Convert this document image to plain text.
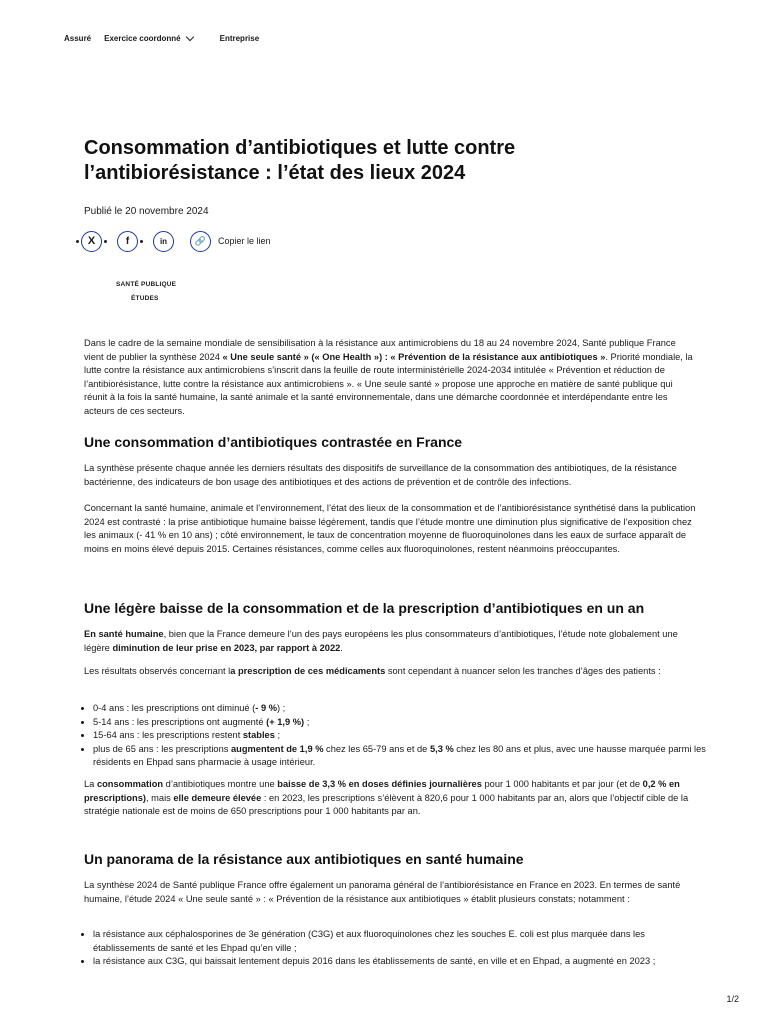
Assuré Exercice coordonné	Entreprise
Consommation d’antibiotiques et lutte contre l’antibiorésistance : l’état des lieux 2024
Publié le 20 novembre 2024
X	f	in	🔗	Copier le lien
SANTÉ PUBLIQUE
ÉTUDES

Dans le cadre de la semaine mondiale de sensibilisation à la résistance aux antimicrobiens du 18 au 24 novembre 2024, Santé publique France vient de publier la synthèse 2024 « Une seule santé » (« One Health ») : « Prévention de la résistance aux antibiotiques ». Priorité mondiale, la lutte contre la résistance aux antimicrobiens s’inscrit dans la feuille de route interministérielle 2024-2034 intitulée « Prévention et réduction de l’antibiorésistance, lutte contre la résistance aux antimicrobiens ». « Une seule santé » propose une approche en matière de santé publique qui réunit à la fois la santé humaine, la santé animale et la santé environnementale, dans une démarche coordonnée et interdépendante entre les acteurs de ces secteurs.

Une consommation d’antibiotiques contrastée en France

La synthèse présente chaque année les derniers résultats des dispositifs de surveillance de la consommation des antibiotiques, de la résistance bactérienne, des indicateurs de bon usage des antibiotiques et des actions de prévention et de contrôle des infections.

Concernant la santé humaine, animale et l’environnement, l’état des lieux de la consommation et de l’antibiorésistance synthétisé dans la publication 2024 est contrasté : la prise antibiotique humaine baisse légèrement, tandis que l’étude montre une diminution plus significative de l’exposition chez les animaux (- 41 % en 10 ans) ; côté environnement, le taux de concentration moyenne de fluoroquinolones dans les eaux de surface apparaît de moins en moins élevé depuis 2015. Certaines résistances, comme celles aux fluoroquinolones, restent néanmoins préoccupantes.

Une légère baisse de la consommation et de la prescription d’antibiotiques en un an

En santé humaine, bien que la France demeure l’un des pays européens les plus consommateurs d’antibiotiques, l’étude note globalement une légère diminution de leur prise en 2023, par rapport à 2022.

Les résultats observés concernant la prescription de ces médicaments sont cependant à nuancer selon les tranches d’âges des patients :

• 0-4 ans : les prescriptions ont diminué (- 9 %) ;
• 5-14 ans : les prescriptions ont augmenté (+ 1,9 %) ;
• 15-64 ans : les prescriptions restent stables ;
• plus de 65 ans : les prescriptions augmentent de 1,9 % chez les 65-79 ans et de 5,3 % chez les 80 ans et plus, avec une hausse marquée parmi les résidents en Ehpad sans pharmacie à usage intérieur.

La consommation d’antibiotiques montre une baisse de 3,3 % en doses définies journalières pour 1 000 habitants et par jour (et de 0,2 % en prescriptions), mais elle demeure élevée : en 2023, les prescriptions s’élèvent à 820,6 pour 1 000 habitants par an, alors que l’objectif cible de la stratégie nationale est de moins de 650 prescriptions pour 1 000 habitants par an.

Un panorama de la résistance aux antibiotiques en santé humaine

La synthèse 2024 de Santé publique France offre également un panorama général de l’antibiorésistance en France en 2023. En termes de santé humaine, l’étude 2024 « Une seule santé » : « Prévention de la résistance aux antibiotiques » établit plusieurs constats; notamment :

• la résistance aux céphalosporines de 3e génération (C3G) et aux fluoroquinolones chez les souches E. coli est plus marquée dans les établissements de santé et les Ehpad qu’en ville ;
• la résistance aux C3G, qui baissait lentement depuis 2016 dans les établissements de santé, en ville et en Ehpad, a augmenté en 2023 ;
1/2
